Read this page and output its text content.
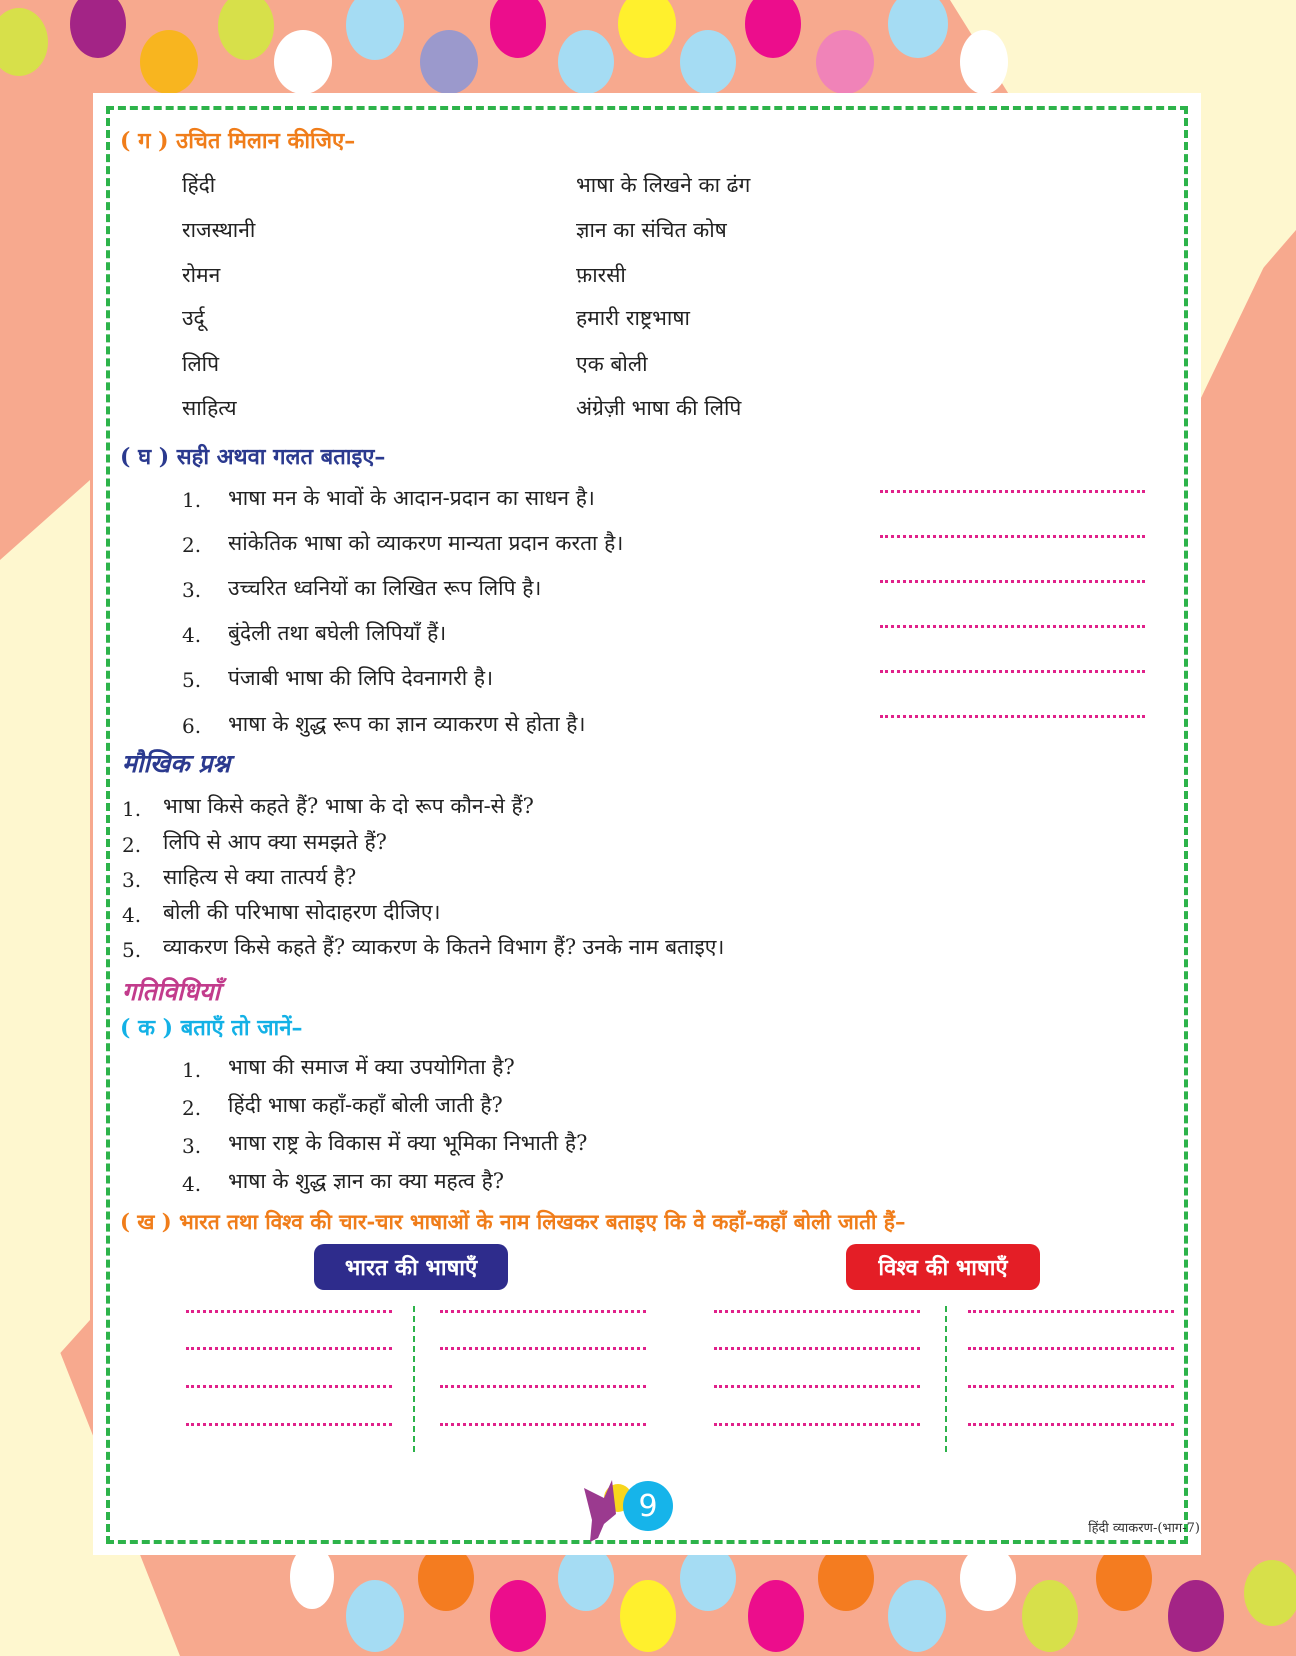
( ग ) उचित मिलान कीजिए–
हिंदी
राजस्थानी
रोमन
उर्दू
लिपि
साहित्य
भाषा के लिखने का ढंग
ज्ञान का संचित कोष
फ़ारसी
हमारी राष्ट्रभाषा
एक बोली
अंग्रेज़ी भाषा की लिपि
( घ ) सही अथवा गलत बताइए–
1. भाषा मन के भावों के आदान-प्रदान का साधन है।
2. सांकेतिक भाषा को व्याकरण मान्यता प्रदान करता है।
3. उच्चरित ध्वनियों का लिखित रूप लिपि है।
4. बुंदेली तथा बघेली लिपियाँ हैं।
5. पंजाबी भाषा की लिपि देवनागरी है।
6. भाषा के शुद्ध रूप का ज्ञान व्याकरण से होता है।
मौखिक प्रश्न
1. भाषा किसे कहते हैं? भाषा के दो रूप कौन-से हैं?
2. लिपि से आप क्या समझते हैं?
3. साहित्य से क्या तात्पर्य है?
4. बोली की परिभाषा सोदाहरण दीजिए।
5. व्याकरण किसे कहते हैं? व्याकरण के कितने विभाग हैं? उनके नाम बताइए।
गतिविधियाँ
( क ) बताएँ तो जानें–
1. भाषा की समाज में क्या उपयोगिता है?
2. हिंदी भाषा कहाँ-कहाँ बोली जाती है?
3. भाषा राष्ट्र के विकास में क्या भूमिका निभाती है?
4. भाषा के शुद्ध ज्ञान का क्या महत्व है?
( ख ) भारत तथा विश्व की चार-चार भाषाओं के नाम लिखकर बताइए कि वे कहाँ-कहाँ बोली जाती हैं–
भारत की भाषाएँ	विश्व की भाषाएँ
9
हिंदी व्याकरण-(भाग-7)
